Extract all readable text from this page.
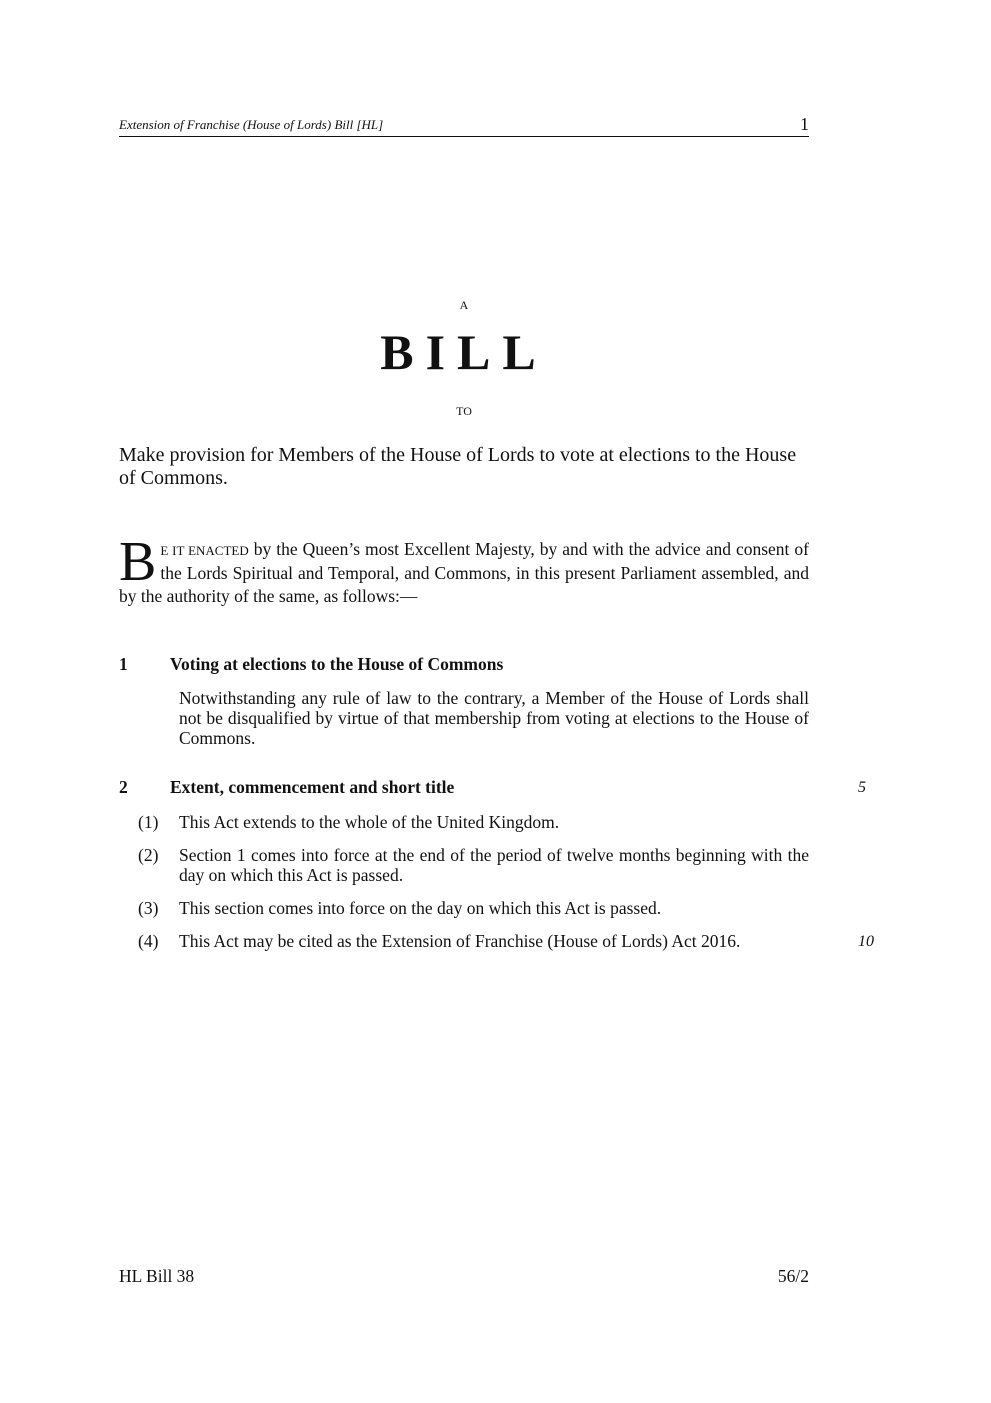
Extension of Franchise (House of Lords) Bill [HL]	1
A
BILL
TO
Make provision for Members of the House of Lords to vote at elections to the House of Commons.
B E IT ENACTED by the Queen’s most Excellent Majesty, by and with the advice and consent of the Lords Spiritual and Temporal, and Commons, in this present Parliament assembled, and by the authority of the same, as follows:—
1 Voting at elections to the House of Commons
Notwithstanding any rule of law to the contrary, a Member of the House of Lords shall not be disqualified by virtue of that membership from voting at elections to the House of Commons.
2 Extent, commencement and short title	5
(1) This Act extends to the whole of the United Kingdom.
(2) Section 1 comes into force at the end of the period of twelve months beginning with the day on which this Act is passed.
(3) This section comes into force on the day on which this Act is passed.
(4) This Act may be cited as the Extension of Franchise (House of Lords) Act 2016.	10
HL Bill 38	56/2
